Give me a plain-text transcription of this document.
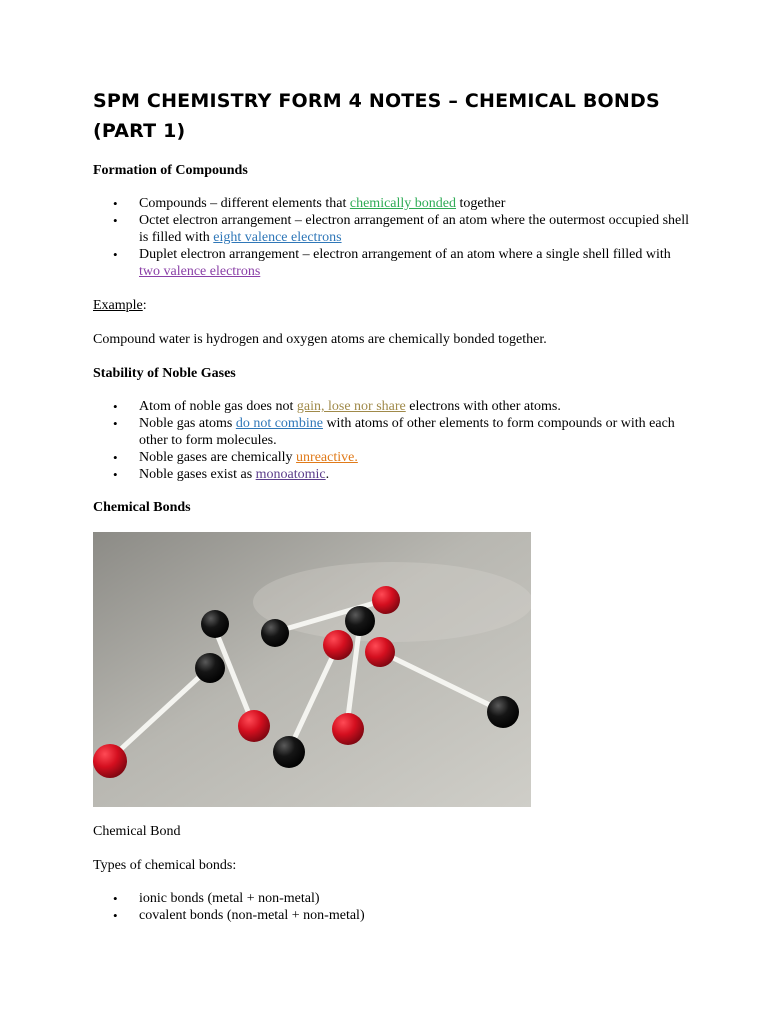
SPM CHEMISTRY FORM 4 NOTES – CHEMICAL BONDS (PART 1)

Formation of Compounds

• Compounds – different elements that chemically bonded together
• Octet electron arrangement – electron arrangement of an atom where the outermost occupied shell is filled with eight valence electrons
• Duplet electron arrangement – electron arrangement of an atom where a single shell filled with two valence electrons

Example:

Compound water is hydrogen and oxygen atoms are chemically bonded together.

Stability of Noble Gases

• Atom of noble gas does not gain, lose nor share electrons with other atoms.
• Noble gas atoms do not combine with atoms of other elements to form compounds or with each other to form molecules.
• Noble gases are chemically unreactive.
• Noble gases exist as monoatomic.

Chemical Bonds

Chemical Bond

Types of chemical bonds:

• ionic bonds (metal + non-metal)
• covalent bonds (non-metal + non-metal)
